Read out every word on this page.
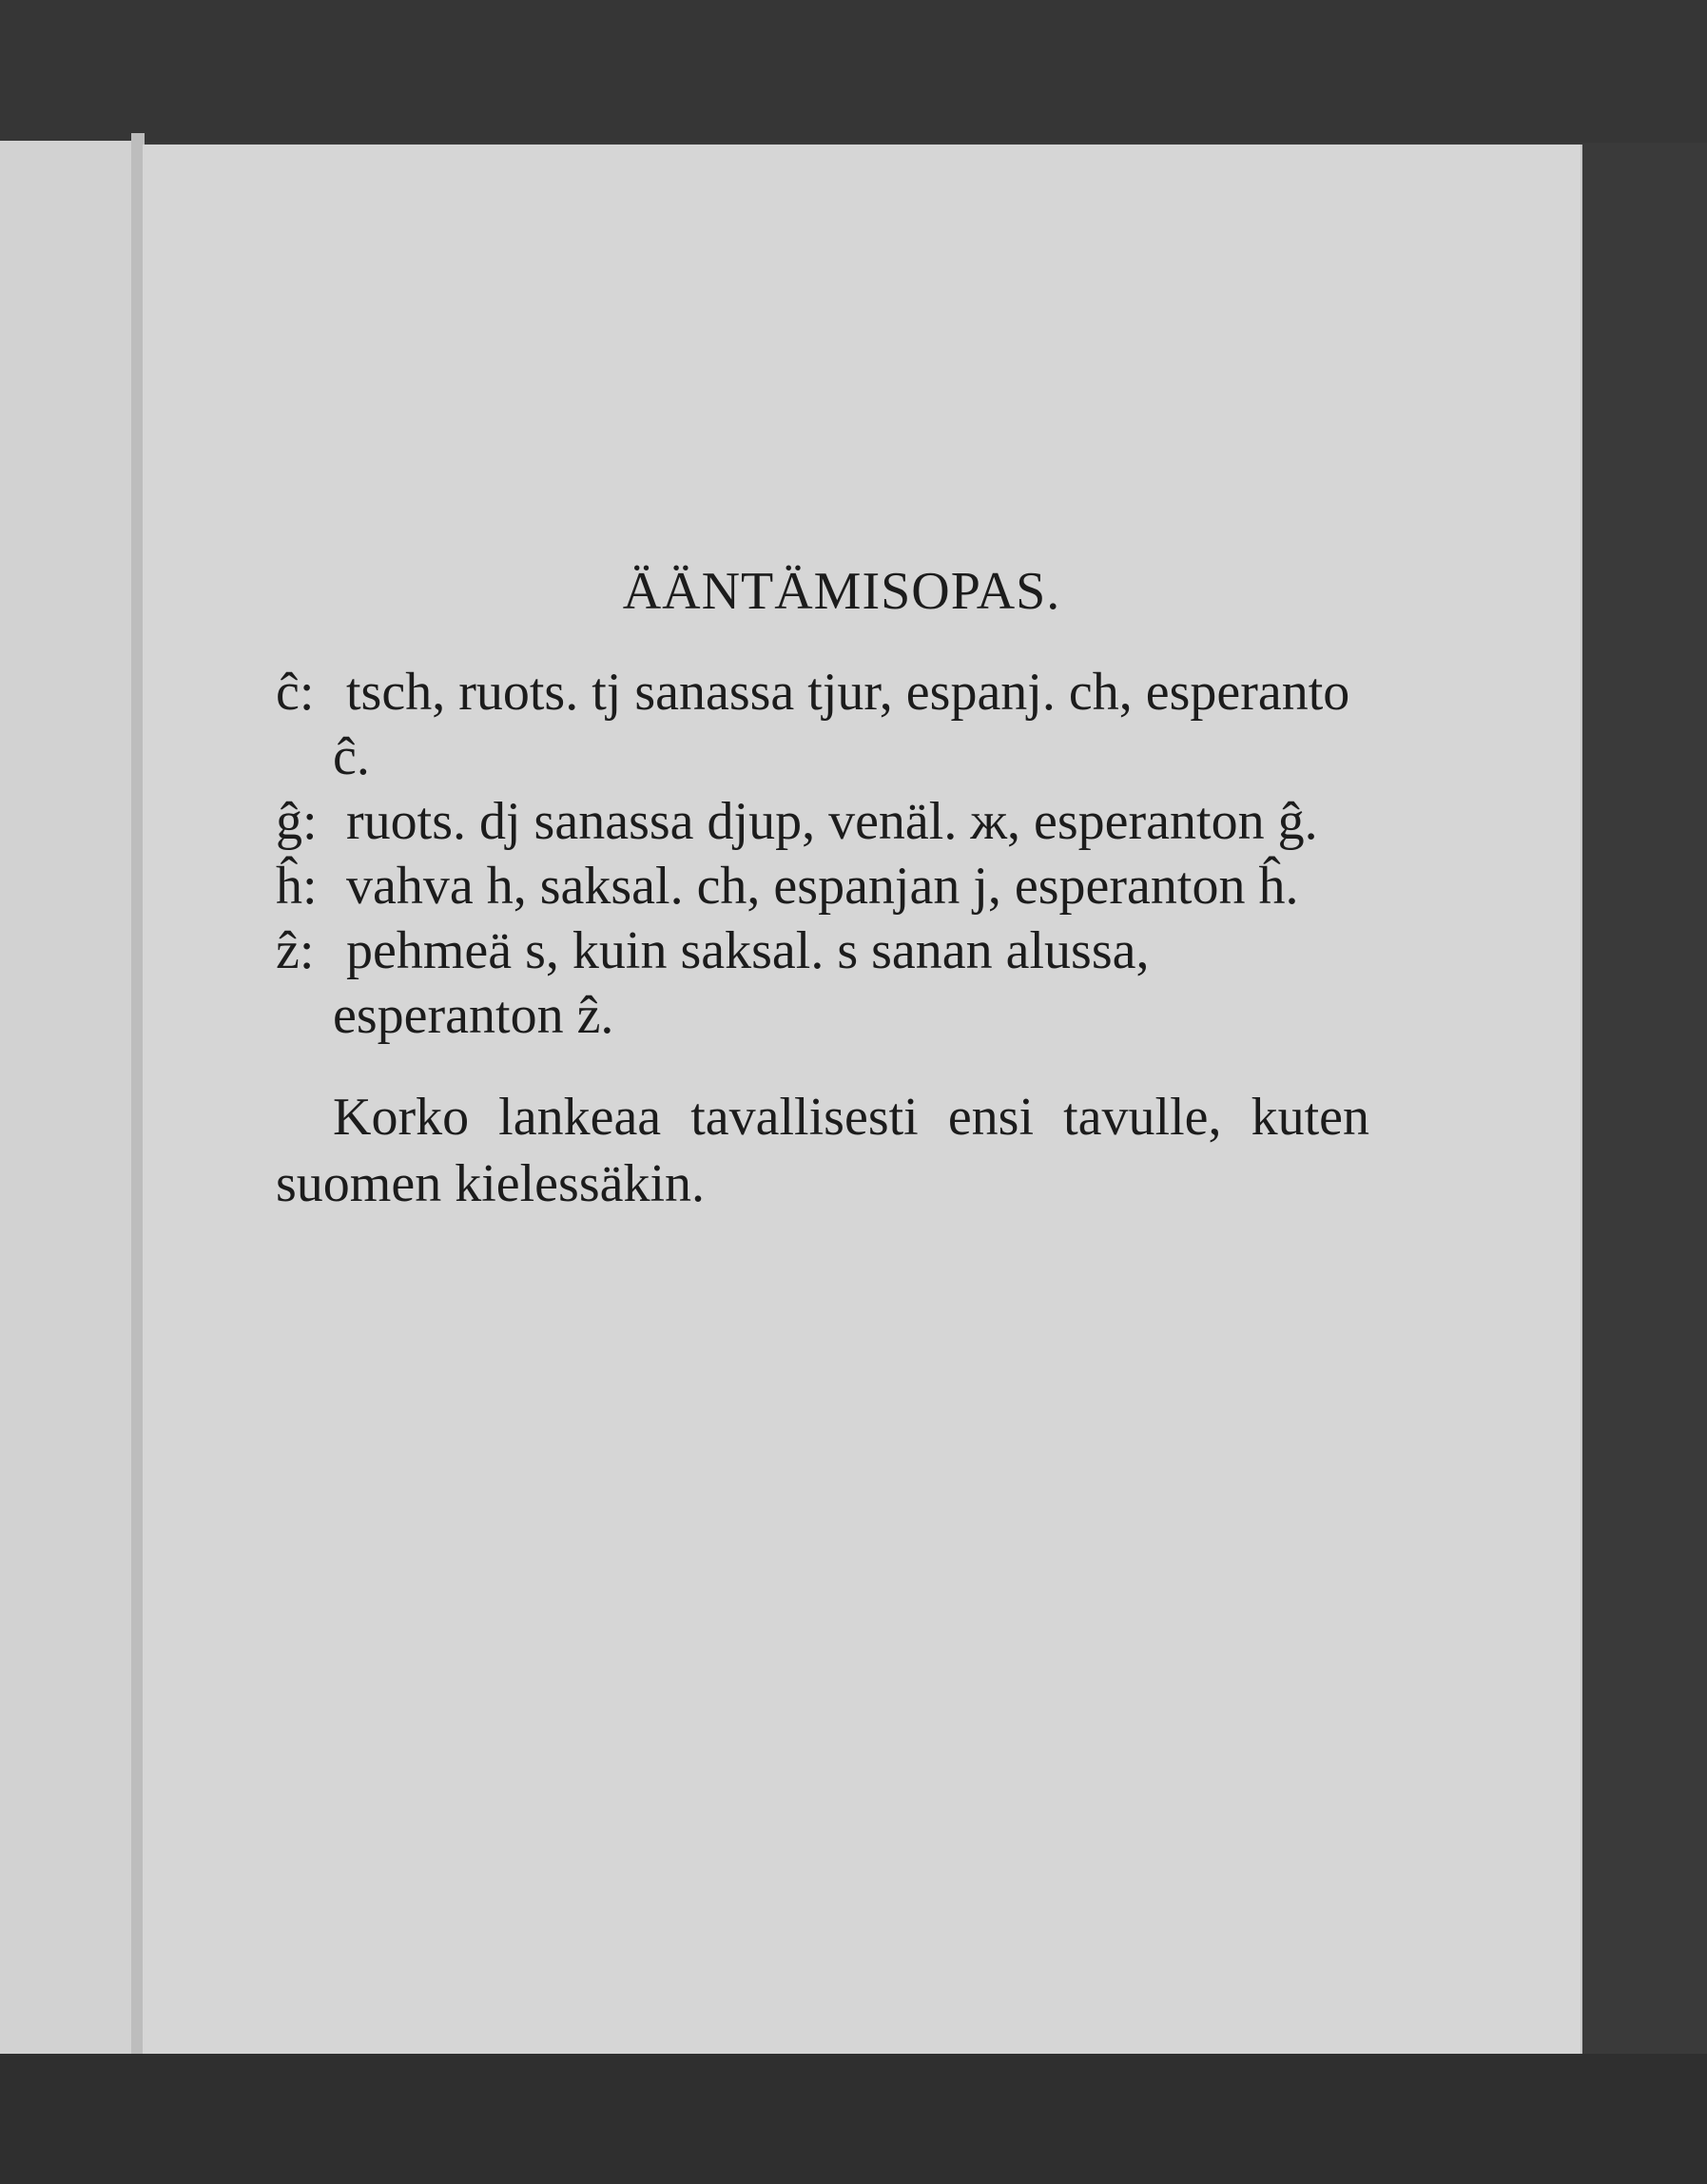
ÄÄNTÄMISOPAS.

ĉ: tsch, ruots. tj sanassa tjur, espanj. ch, esperanto ĉ.

ĝ: ruots. dj sanassa djup, venäl. ж, esperanton ĝ.

ĥ: vahva h, saksal. ch, espanjan j, esperanton ĥ.

ẑ: pehmeä s, kuin saksal. s sanan alussa, esperanton ẑ.

Korko lankeaa tavallisesti ensi tavulle, kuten suomen kielessäkin.
